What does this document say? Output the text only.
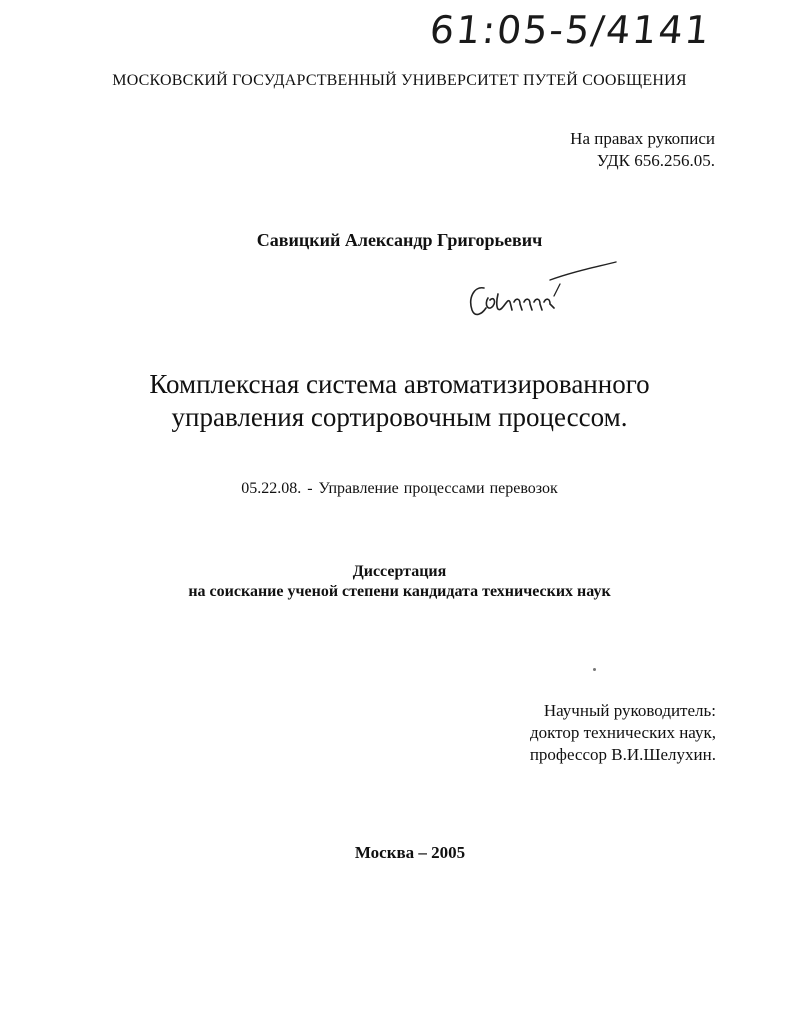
61:05-5/4141
МОСКОВСКИЙ ГОСУДАРСТВЕННЫЙ УНИВЕРСИТЕТ ПУТЕЙ СООБЩЕНИЯ
На правах рукописи
УДК 656.256.05.
Савицкий Александр Григорьевич
Комплексная система автоматизированного
управления сортировочным процессом.
05.22.08. - Управление процессами перевозок
Диссертация
на соискание ученой степени кандидата технических наук
Научный руководитель:
доктор технических наук,
профессор В.И.Шелухин.
Москва – 2005
